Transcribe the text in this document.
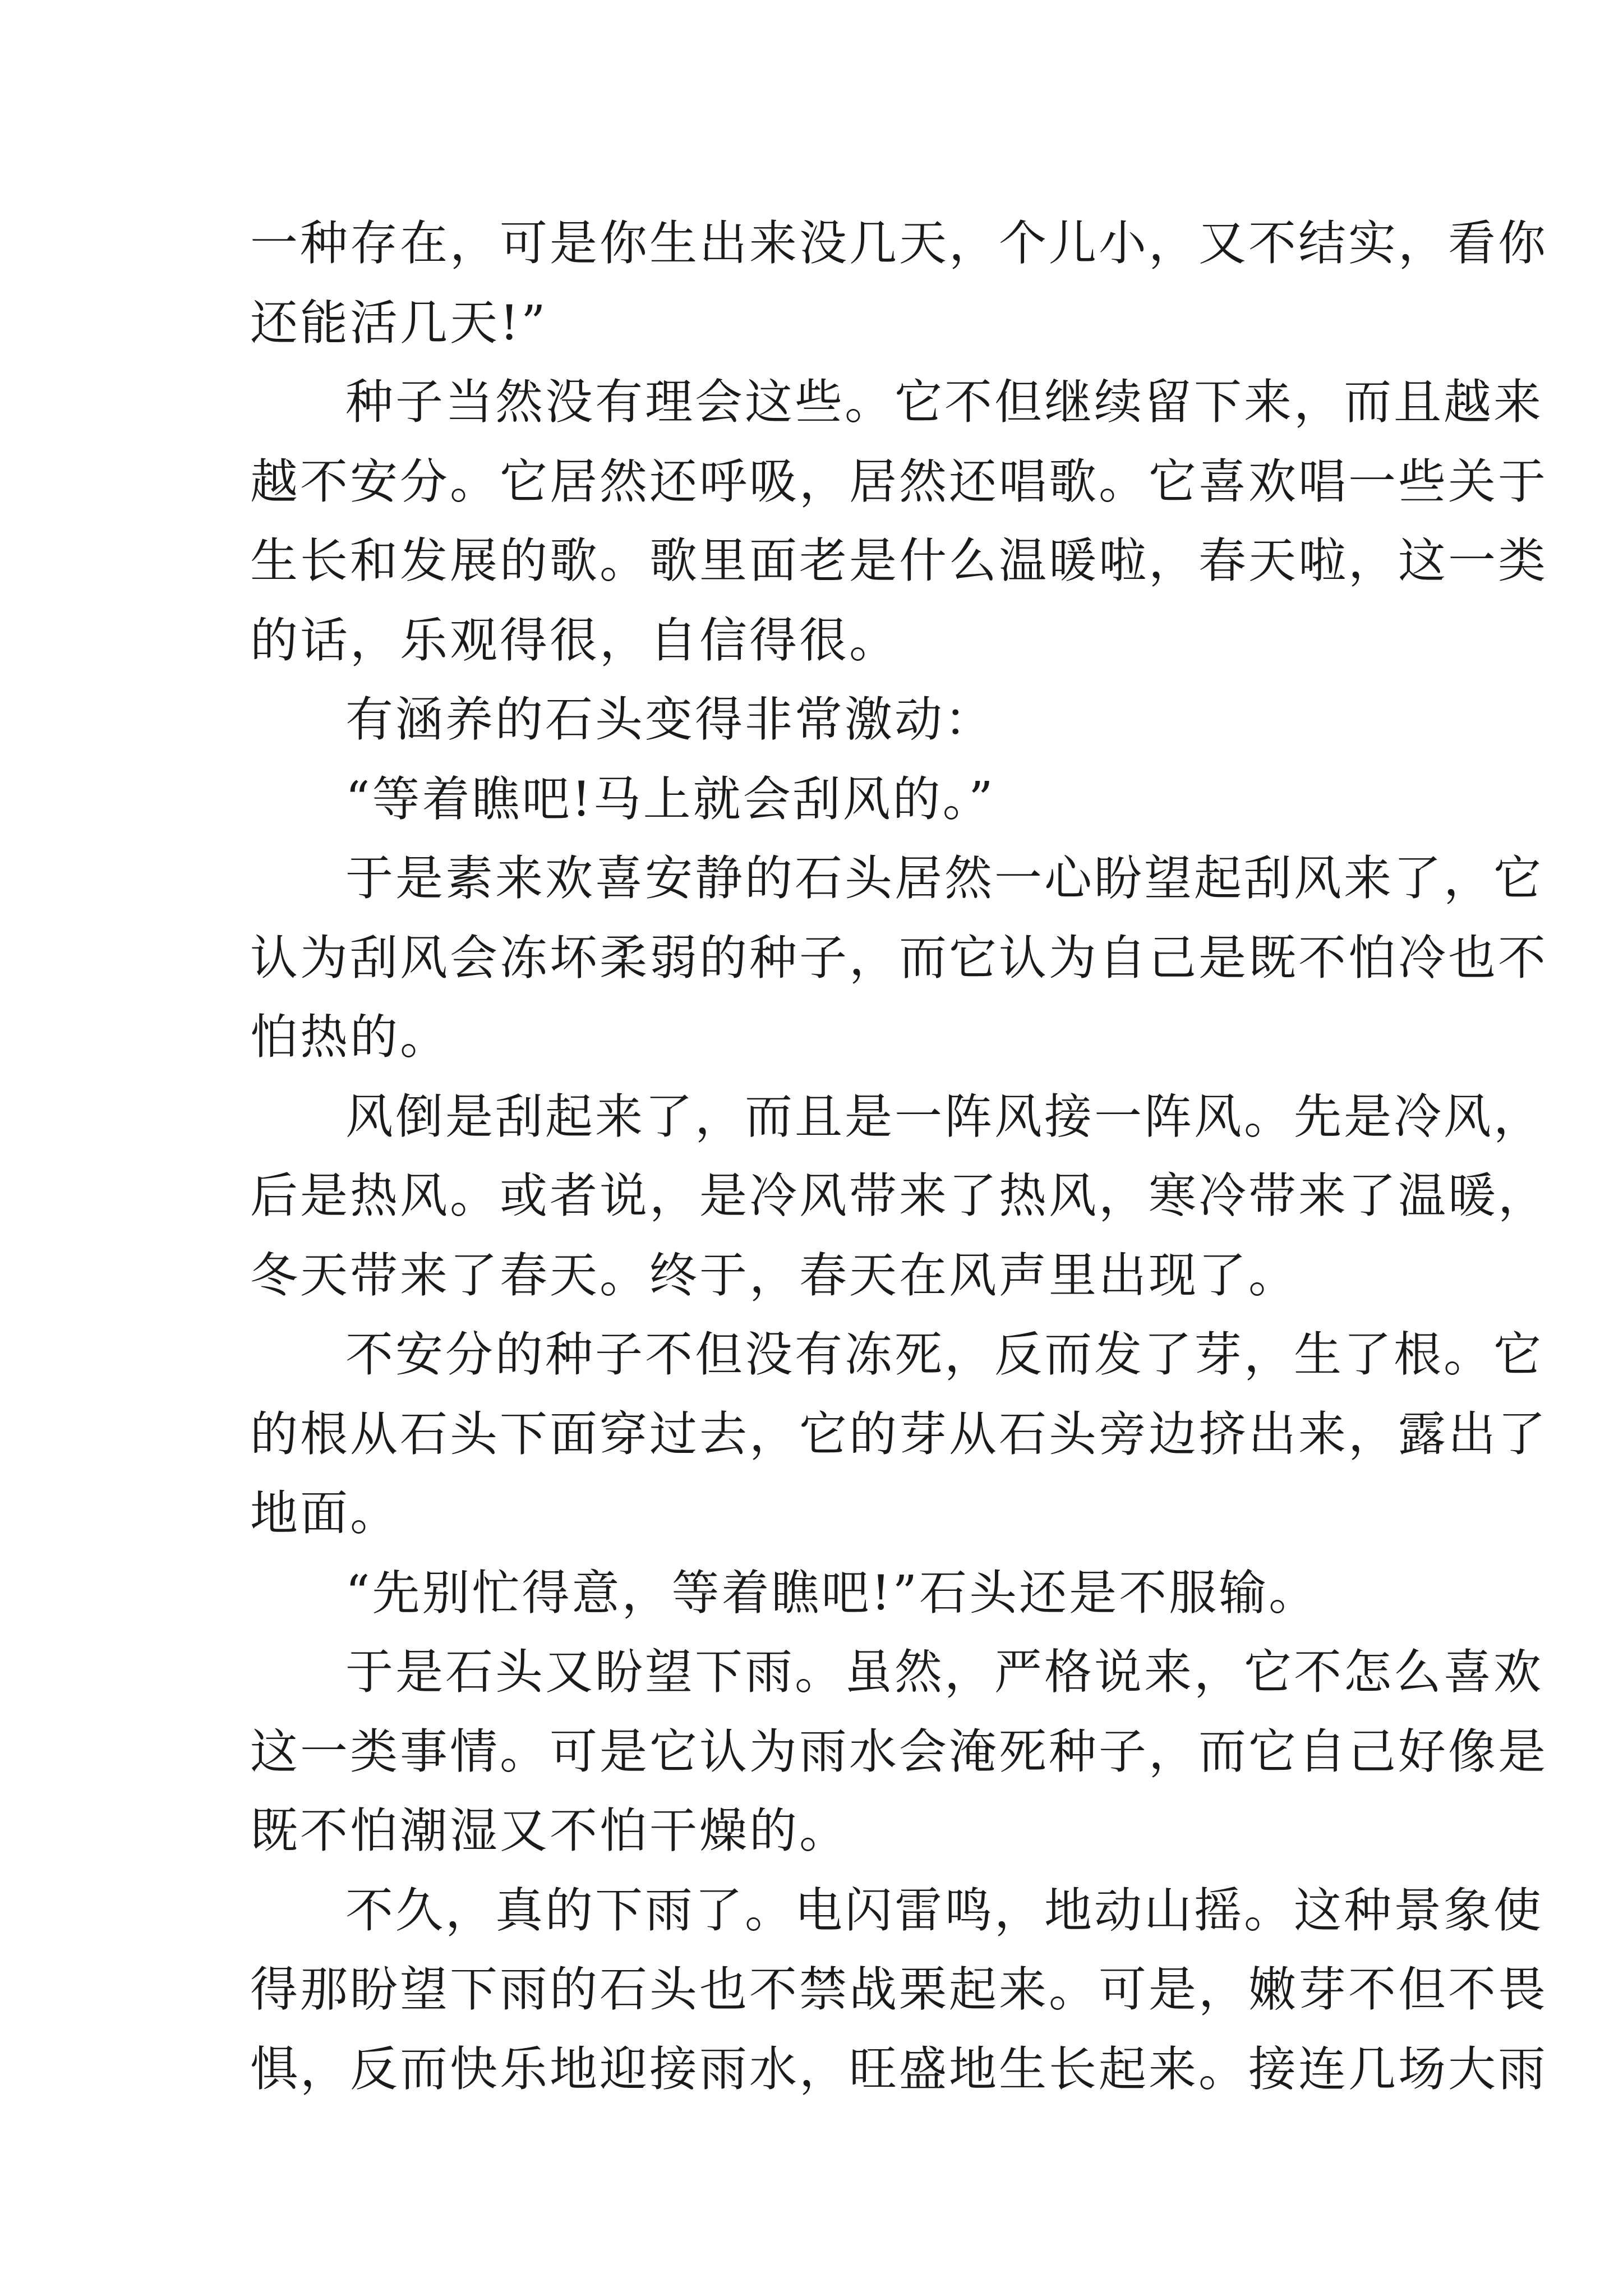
一种存在，可是你生出来没几天，个儿小，又不结实，看你
还能活几天!”
种子当然没有理会这些。它不但继续留下来，而且越来
越不安分。它居然还呼吸，居然还唱歌。它喜欢唱一些关于
生长和发展的歌。歌里面老是什么温暖啦，春天啦，这一类
的话，乐观得很，自信得很。
有涵养的石头变得非常激动：
“等着瞧吧!马上就会刮风的。”
于是素来欢喜安静的石头居然一心盼望起刮风来了，它
认为刮风会冻坏柔弱的种子，而它认为自己是既不怕冷也不
怕热的。
风倒是刮起来了，而且是一阵风接一阵风。先是冷风，
后是热风。或者说，是冷风带来了热风，寒冷带来了温暖，
冬天带来了春天。终于，春天在风声里出现了。
不安分的种子不但没有冻死，反而发了芽，生了根。它
的根从石头下面穿过去，它的芽从石头旁边挤出来，露出了
地面。
“先别忙得意，等着瞧吧!”石头还是不服输。
于是石头又盼望下雨。虽然，严格说来，它不怎么喜欢
这一类事情。可是它认为雨水会淹死种子，而它自己好像是
既不怕潮湿又不怕干燥的。
不久，真的下雨了。电闪雷鸣，地动山摇。这种景象使
得那盼望下雨的石头也不禁战栗起来。可是，嫩芽不但不畏
惧，反而快乐地迎接雨水，旺盛地生长起来。接连几场大雨
